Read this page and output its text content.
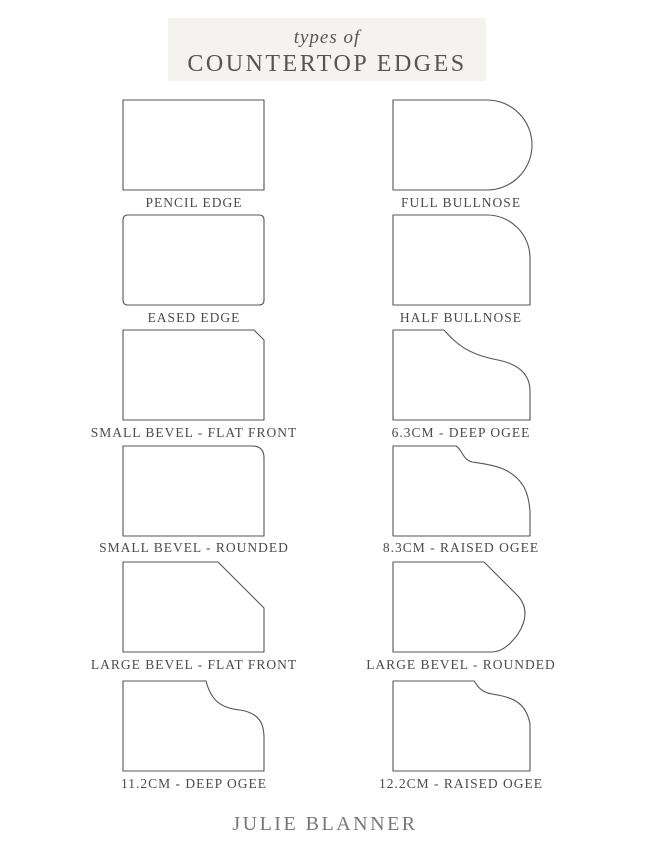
types of
COUNTERTOP EDGES
PENCIL EDGE	FULL BULLNOSE
EASED EDGE	HALF BULLNOSE
SMALL BEVEL - FLAT FRONT	6.3CM - DEEP OGEE
SMALL BEVEL - ROUNDED	8.3CM - RAISED OGEE
LARGE BEVEL - FLAT FRONT	LARGE BEVEL - ROUNDED
11.2CM - DEEP OGEE	12.2CM - RAISED OGEE
JULIE BLANNER
